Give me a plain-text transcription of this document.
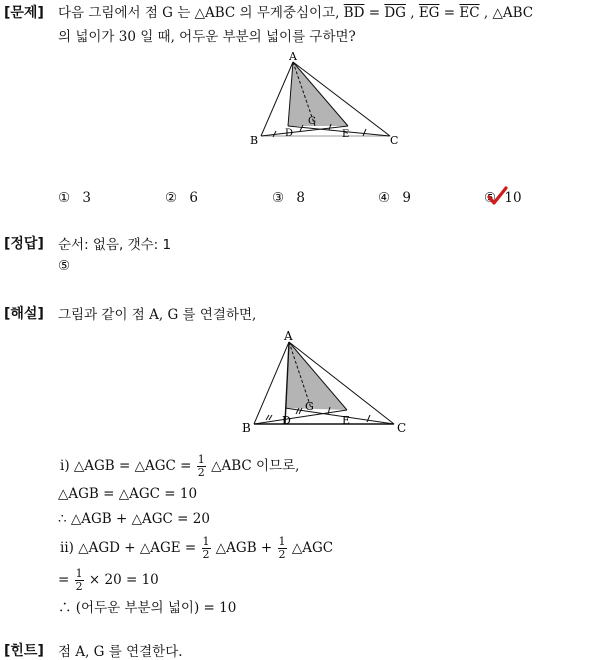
[문제] 다음 그림에서 점 G 는 △ABC 의 무게중심이고, $\overline{BD} = \overline{DG}$ , $\overline{EG} = \overline{EC}$ , △ABC
의 넓이가 30 일 때, 어두운 부분의 넓이를 구하면?
A
B	C
D	E
G
① 3	② 6	③ 8	④ 9	⑤ 10
[정답] 순서: 없음, 갯수: 1
⑤
[해설] 그림과 같이 점 A, G 를 연결하면,
A
B	C
D	E
G
ⅰ) △AGB = △AGC = $\frac{1}{2}$ △ABC 이므로,
△AGB = △AGC = 10
∴ △AGB + △AGC = 20
ⅱ) △AGD + △AGE = $\frac{1}{2}$ △AGB + $\frac{1}{2}$ △AGC
= $\frac{1}{2} \times 20 = 10$
∴ (어두운 부분의 넓이) = 10
[힌트] 점 A, G 를 연결한다.
